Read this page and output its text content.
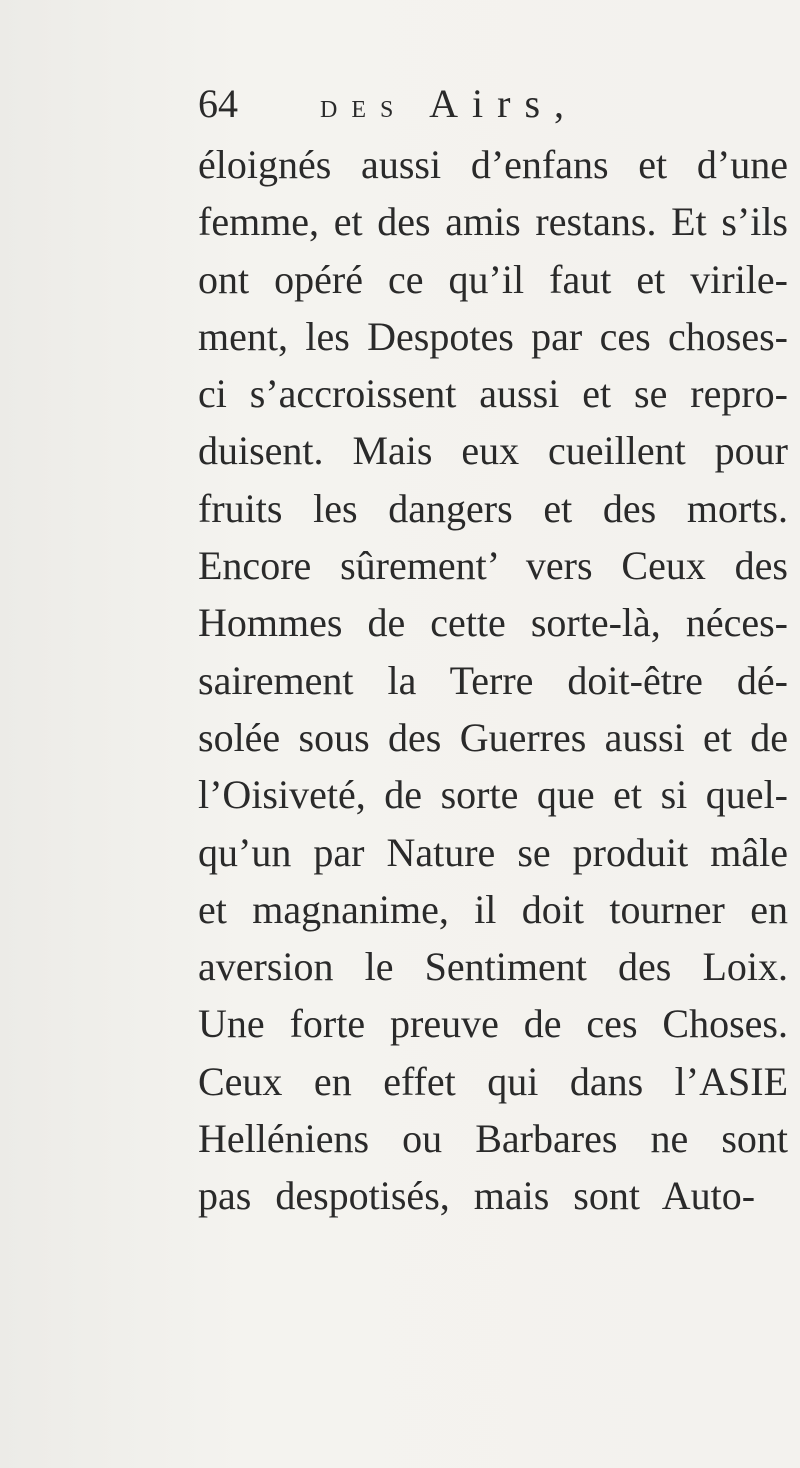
64	DES Airs,
éloignés aussi d’enfans et d’une
femme, et des amis restans. Et s’ils
ont opéré ce qu’il faut et virile-
ment, les Despotes par ces choses-
ci s’accroissent aussi et se repro-
duisent. Mais eux cueillent pour
fruits les dangers et des morts.
Encore sûrement’ vers Ceux des
Hommes de cette sorte-là, néces-
sairement la Terre doit-être dé-
solée sous des Guerres aussi et de
l’Oisiveté, de sorte que et si quel-
qu’un par Nature se produit mâle
et magnanime, il doit tourner en
aversion le Sentiment des Loix.
Une forte preuve de ces Choses.
Ceux en effet qui dans l’ASIE
Helléniens ou Barbares ne sont
pas despotisés, mais sont Auto-
